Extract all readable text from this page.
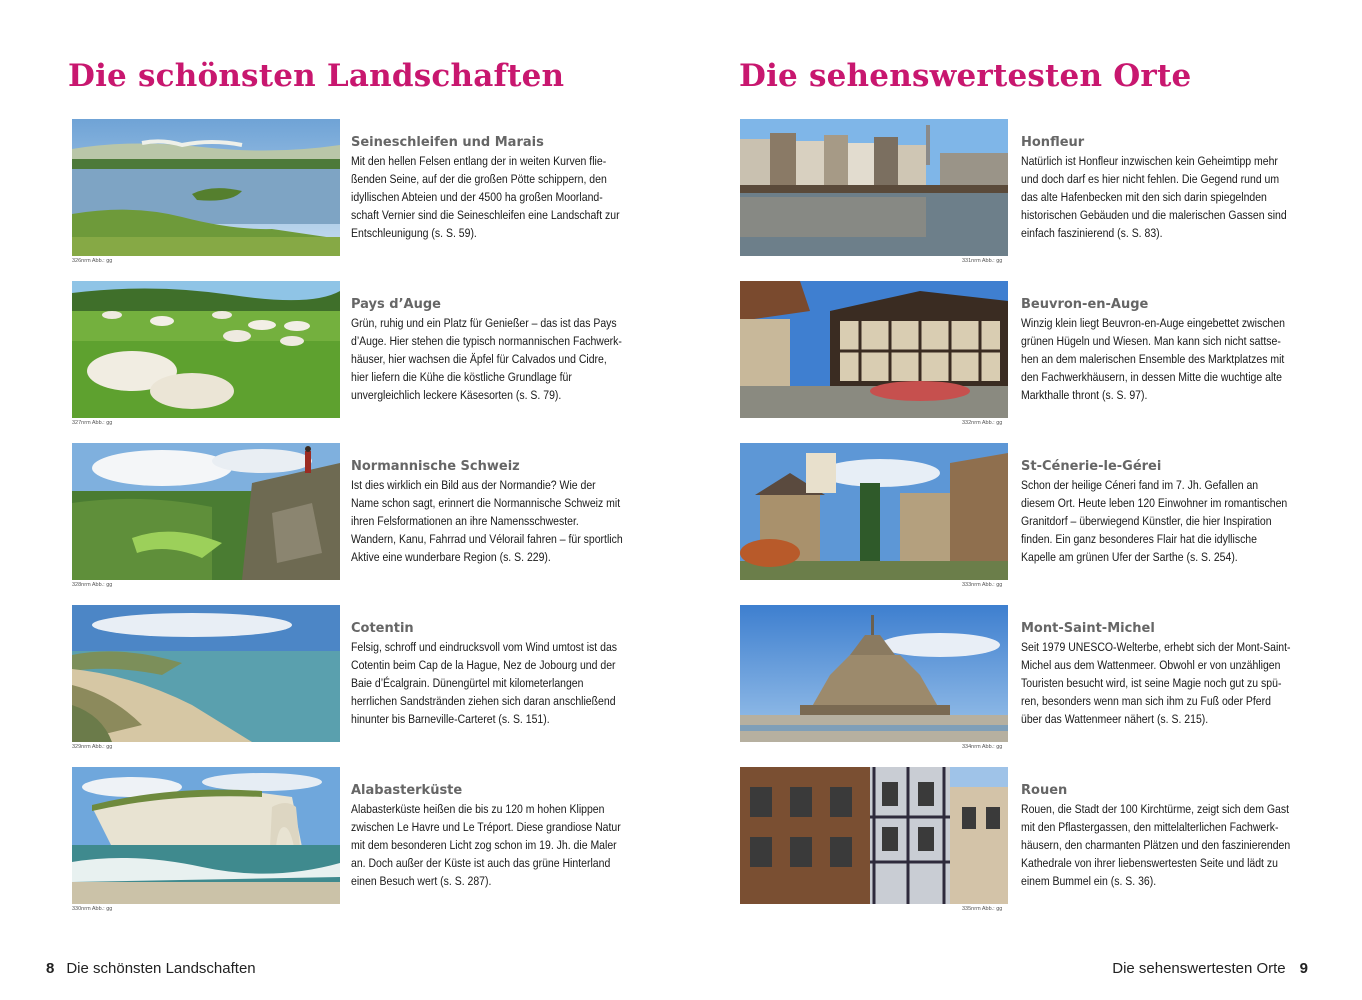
Die schönsten Landschaften
326nrm Abb.: gg
Seineschleifen und Marais

Mit den hellen Felsen entlang der in weiten Kurven fließenden Seine, auf der die großen Pötte schippern, den idyllischen Abteien und der 4500 ha großen Moorlandschaft Vernier sind die Seineschleifen eine Landschaft zur Entschleunigung (s. S. 59).

327nrm Abb.: gg
Pays d’Auge

Grün, ruhig und ein Platz für Genießer – das ist das Pays d’Auge. Hier stehen die typisch normannischen Fachwerkhäuser, hier wachsen die Äpfel für Calvados und Cidre, hier liefern die Kühe die köstliche Grundlage für unvergleichlich leckere Käsesorten (s. S. 79).

328nrm Abb.: gg
Normannische Schweiz

Ist dies wirklich ein Bild aus der Normandie? Wie der Name schon sagt, erinnert die Normannische Schweiz mit ihren Felsformationen an ihre Namensschwester. Wandern, Kanu, Fahrrad und Vélorail fahren – für sportlich Aktive eine wunderbare Region (s. S. 229).

329nrm Abb.: gg
Cotentin

Felsig, schroff und eindrucksvoll vom Wind umtost ist das Cotentin beim Cap de la Hague, Nez de Jobourg und der Baie d’Écalgrain. Dünengürtel mit kilometerlangen herrlichen Sandstränden ziehen sich daran anschließend hinunter bis Barneville-Carteret (s. S. 151).

330nrm Abb.: gg
Alabasterküste

Alabasterküste heißen die bis zu 120 m hohen Klippen zwischen Le Havre und Le Tréport. Diese grandiose Natur mit dem besonderen Licht zog schon im 19. Jh. die Maler an. Doch außer der Küste ist auch das grüne Hinterland einen Besuch wert (s. S. 287).

8 Die schönsten Landschaften
Die sehenswertesten Orte
331nrm Abb.: gg
Honfleur

Natürlich ist Honfleur inzwischen kein Geheimtipp mehr und doch darf es hier nicht fehlen. Die Gegend rund um das alte Hafenbecken mit den sich darin spiegelnden historischen Gebäuden und die malerischen Gassen sind einfach faszinierend (s. S. 83).

332nrm Abb.: gg
Beuvron-en-Auge

Winzig klein liegt Beuvron-en-Auge eingebettet zwischen grünen Hügeln und Wiesen. Man kann sich nicht sattsehen an dem malerischen Ensemble des Marktplatzes mit den Fachwerkhäusern, in dessen Mitte die wuchtige alte Markthalle thront (s. S. 97).

333nrm Abb.: gg
St-Cénerie-le-Gérei

Schon der heilige Céneri fand im 7. Jh. Gefallen an diesem Ort. Heute leben 120 Einwohner im romantischen Granitdorf – überwiegend Künstler, die hier Inspiration finden. Ein ganz besonderes Flair hat die idyllische Kapelle am grünen Ufer der Sarthe (s. S. 254).

334nrm Abb.: gg
Mont-Saint-Michel

Seit 1979 UNESCO-Welterbe, erhebt sich der Mont-Saint-Michel aus dem Wattenmeer. Obwohl er von unzähligen Touristen besucht wird, ist seine Magie noch gut zu spüren, besonders wenn man sich ihm zu Fuß oder Pferd über das Wattenmeer nähert (s. S. 215).

335nrm Abb.: gg
Rouen

Rouen, die Stadt der 100 Kirchtürme, zeigt sich dem Gast mit den Pflastergassen, den mittelalterlichen Fachwerkhäusern, den charmanten Plätzen und den faszinierenden Kathedrale von ihrer liebenswertesten Seite und lädt zu einem Bummel ein (s. S. 36).

Die sehenswertesten Orte 9
